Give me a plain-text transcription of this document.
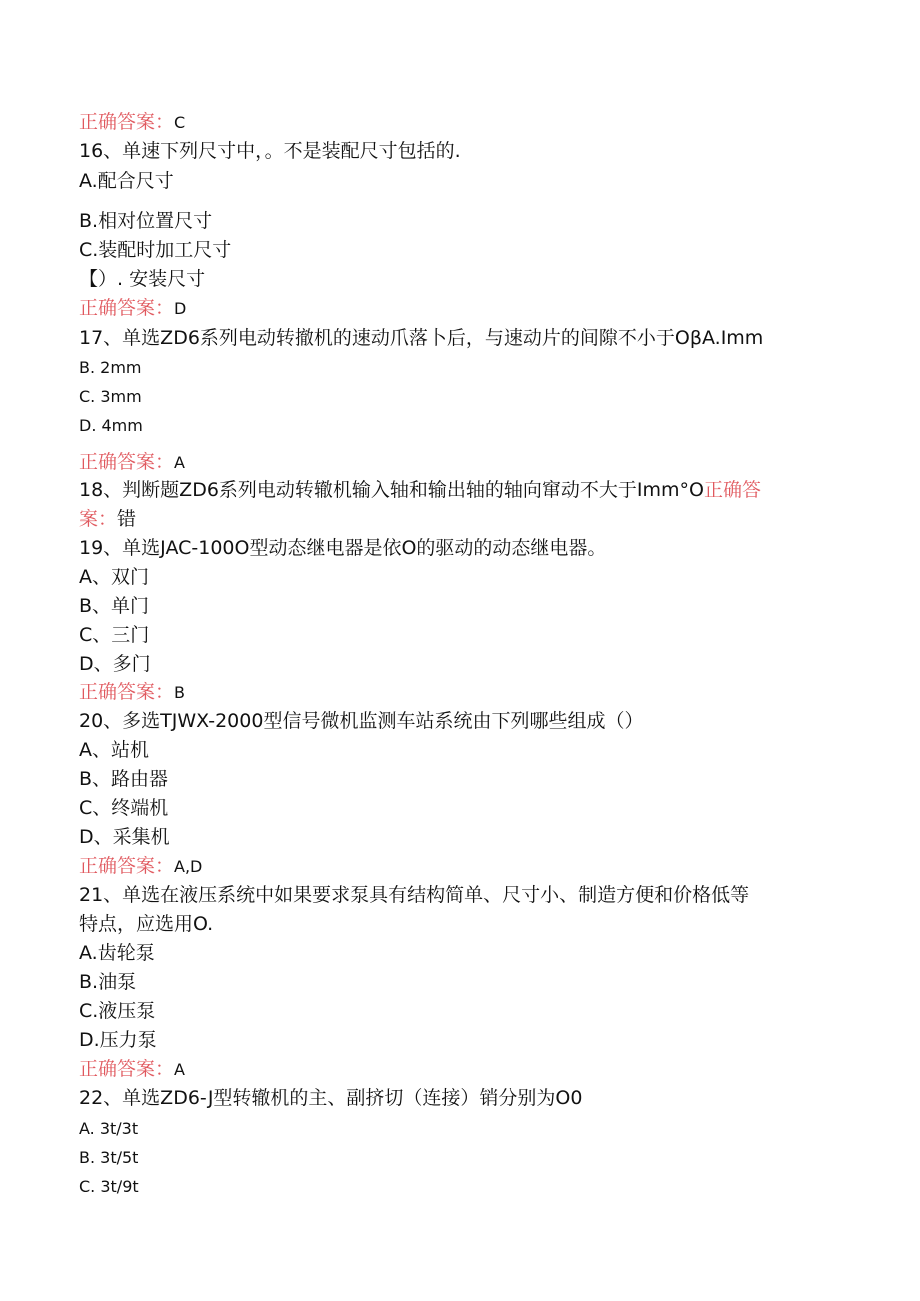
正确答案：C
16、单速下列尺寸中，。不是装配尺寸包括的.
A.配合尺寸
B.相对位置尺寸
C.装配时加工尺寸
【）. 安装尺寸
正确答案：D
17、单选ZD6系列电动转撤机的速动爪落卜后，与速动片的间隙不小于OβA.Imm
B. 2mm
C. 3mm
D. 4mm
正确答案：A
18、判断题ZD6系列电动转辙机输入轴和输出轴的轴向窜动不大于Imm°O正确答
案：错
19、单选JAC-100O型动态继电器是依O的驱动的动态继电器。
A、双门
B、单门
C、三门
D、多门
正确答案：B
20、多选TJWX-2000型信号微机监测车站系统由下列哪些组成（）
A、站机
B、路由器
C、终端机
D、采集机
正确答案：A,D
21、单选在液压系统中如果要求泵具有结构简单、尺寸小、制造方便和价格低等
特点，应选用O.
A.齿轮泵
B.油泵
C.液压泵
D.压力泵
正确答案：A
22、单选ZD6-J型转辙机的主、副挤切（连接）销分别为O0
A. 3t∕3t
B. 3t∕5t
C. 3t∕9t
